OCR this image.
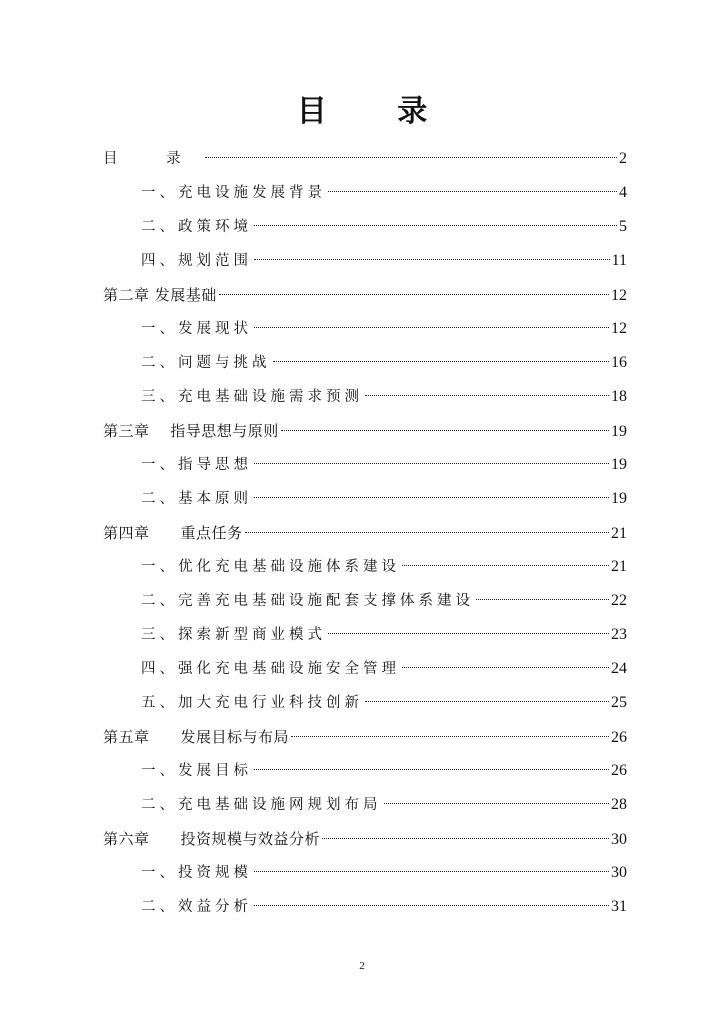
目 录
目 录	2
一、充电设施发展背景	4
二、政策环境	5
四、规划范围	11
第二章 发展基础	12
一、发展现状	12
二、问题与挑战	16
三、充电基础设施需求预测	18
第三章　 指导思想与原则	19
一、指导思想	19
二、基本原则	19
第四章　　重点任务	21
一、优化充电基础设施体系建设	21
二、完善充电基础设施配套支撑体系建设	22
三、探索新型商业模式	23
四、强化充电基础设施安全管理	24
五、加大充电行业科技创新	25
第五章　　发展目标与布局	26
一、发展目标	26
二、充电基础设施网规划布局	28
第六章　　投资规模与效益分析	30
一、投资规模	30
二、效益分析	31
2
